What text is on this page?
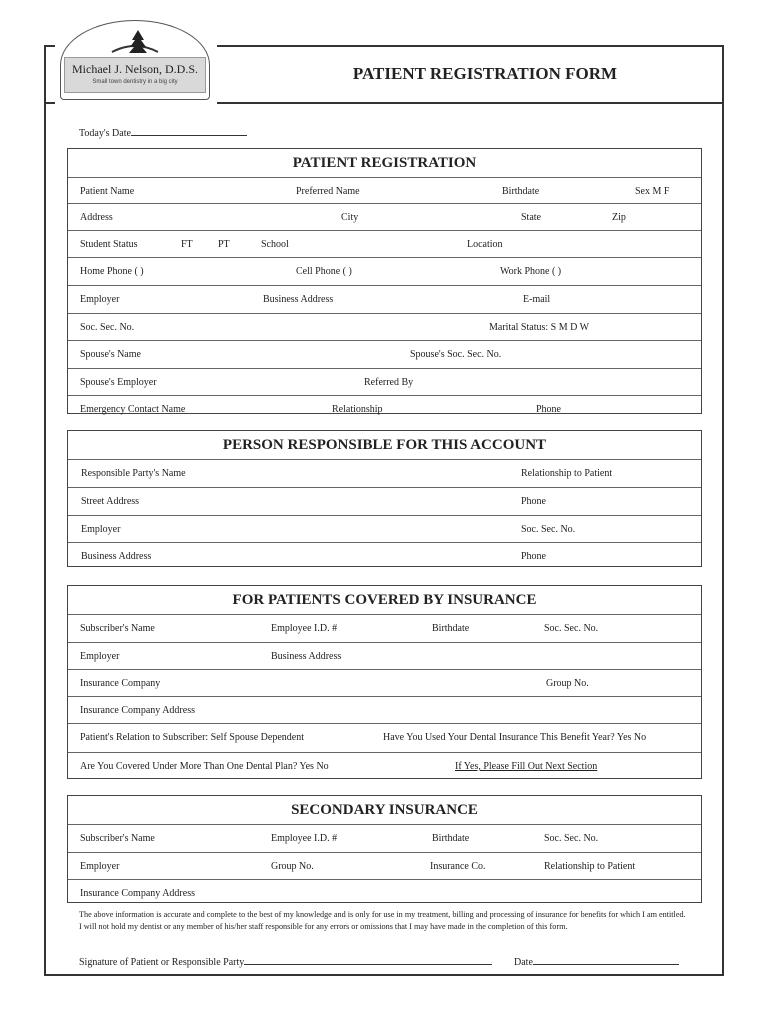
Michael J. Nelson, D.D.S.
Small town dentistry in a big city	PATIENT REGISTRATION FORM
Today's Date
PATIENT REGISTRATION
Patient Name	Preferred Name	Birthdate	Sex M F
Address	City	State	Zip
Student Status	FT	PT	School	Location
Home Phone ( )	Cell Phone ( )	Work Phone ( )
Employer	Business Address	E-mail
Soc. Sec. No.	Marital Status: S M D W
Spouse's Name	Spouse's Soc. Sec. No.
Spouse's Employer	Referred By
Emergency Contact Name	Relationship	Phone
PERSON RESPONSIBLE FOR THIS ACCOUNT
Responsible Party's Name	Relationship to Patient
Street Address	Phone
Employer	Soc. Sec. No.
Business Address	Phone
FOR PATIENTS COVERED BY INSURANCE
Subscriber's Name	Employee I.D. #	Birthdate	Soc. Sec. No.
Employer	Business Address
Insurance Company	Group No.
Insurance Company Address
Patient's Relation to Subscriber: Self Spouse Dependent	Have You Used Your Dental Insurance This Benefit Year? Yes No
Are You Covered Under More Than One Dental Plan? Yes No	If Yes, Please Fill Out Next Section
SECONDARY INSURANCE
Subscriber's Name	Employee I.D. #	Birthdate	Soc. Sec. No.
Employer	Group No.	Insurance Co.	Relationship to Patient
Insurance Company Address
The above information is accurate and complete to the best of my knowledge and is only for use in my treatment, billing and processing of insurance for benefits for which I am entitled. I will not hold my dentist or any member of his/her staff responsible for any errors or omissions that I may have made in the completion of this form.
Signature of Patient or Responsible Party	Date
